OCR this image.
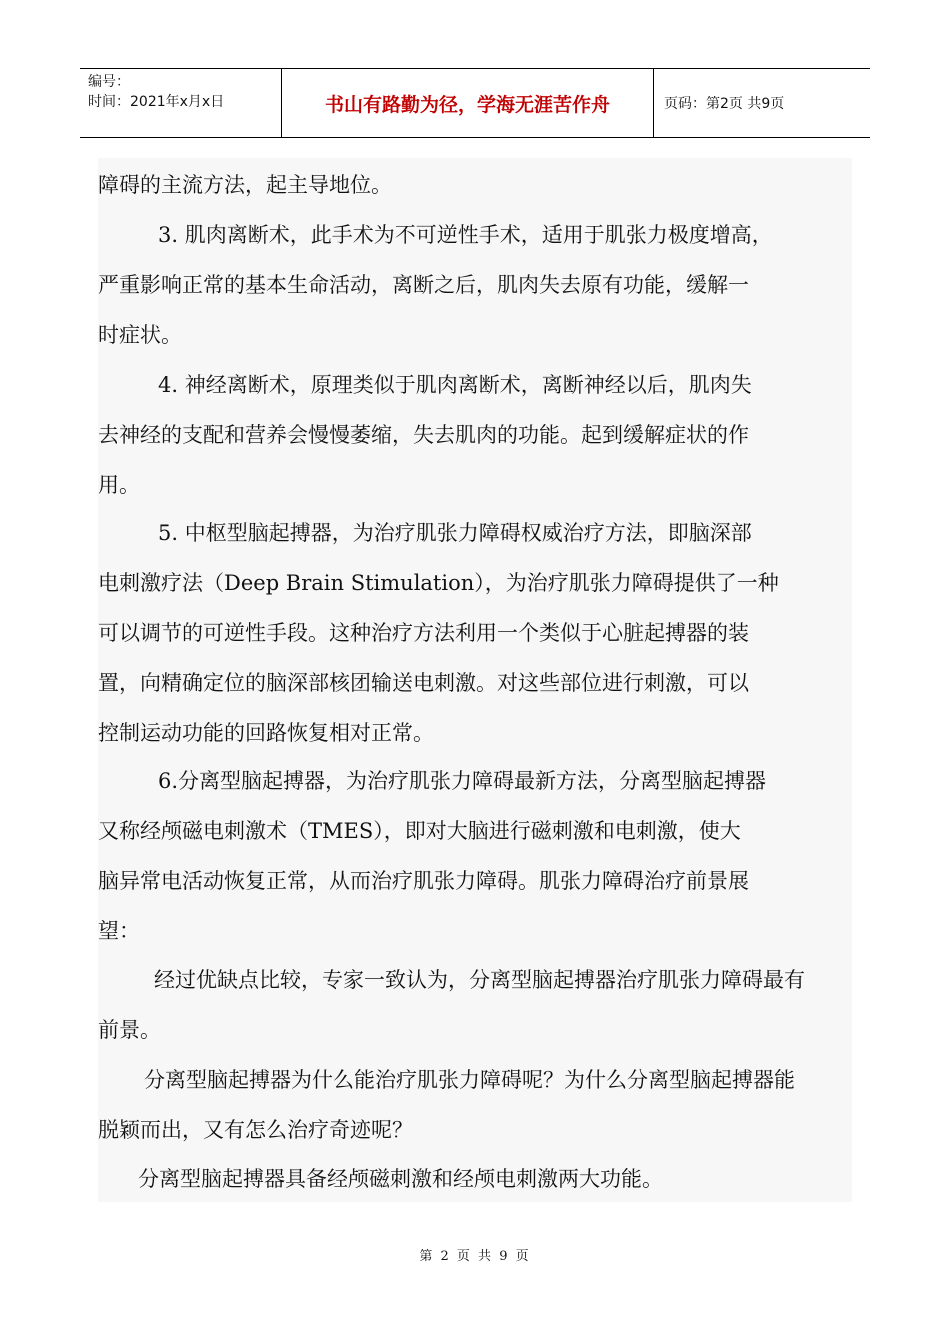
编号：
时间：2021年x月x日	书山有路勤为径，学海无涯苦作舟	页码：第2页 共9页

障碍的主流方法，起主导地位。

3. 肌肉离断术，此手术为不可逆性手术，适用于肌张力极度增高，
严重影响正常的基本生命活动，离断之后，肌肉失去原有功能，缓解一
时症状。

4. 神经离断术，原理类似于肌肉离断术，离断神经以后，肌肉失
去神经的支配和营养会慢慢萎缩，失去肌肉的功能。起到缓解症状的作
用。

5. 中枢型脑起搏器，为治疗肌张力障碍权威治疗方法，即脑深部
电刺激疗法（Deep Brain Stimulation），为治疗肌张力障碍提供了一种
可以调节的可逆性手段。这种治疗方法利用一个类似于心脏起搏器的装
置，向精确定位的脑深部核团输送电刺激。对这些部位进行刺激，可以
控制运动功能的回路恢复相对正常。

6.分离型脑起搏器，为治疗肌张力障碍最新方法，分离型脑起搏器
又称经颅磁电刺激术（TMES），即对大脑进行磁刺激和电刺激，使大
脑异常电活动恢复正常，从而治疗肌张力障碍。肌张力障碍治疗前景展
望：

经过优缺点比较，专家一致认为，分离型脑起搏器治疗肌张力障碍最有
前景。

分离型脑起搏器为什么能治疗肌张力障碍呢？为什么分离型脑起搏器能
脱颖而出，又有怎么治疗奇迹呢？

分离型脑起搏器具备经颅磁刺激和经颅电刺激两大功能。

第 2 页 共 9 页
